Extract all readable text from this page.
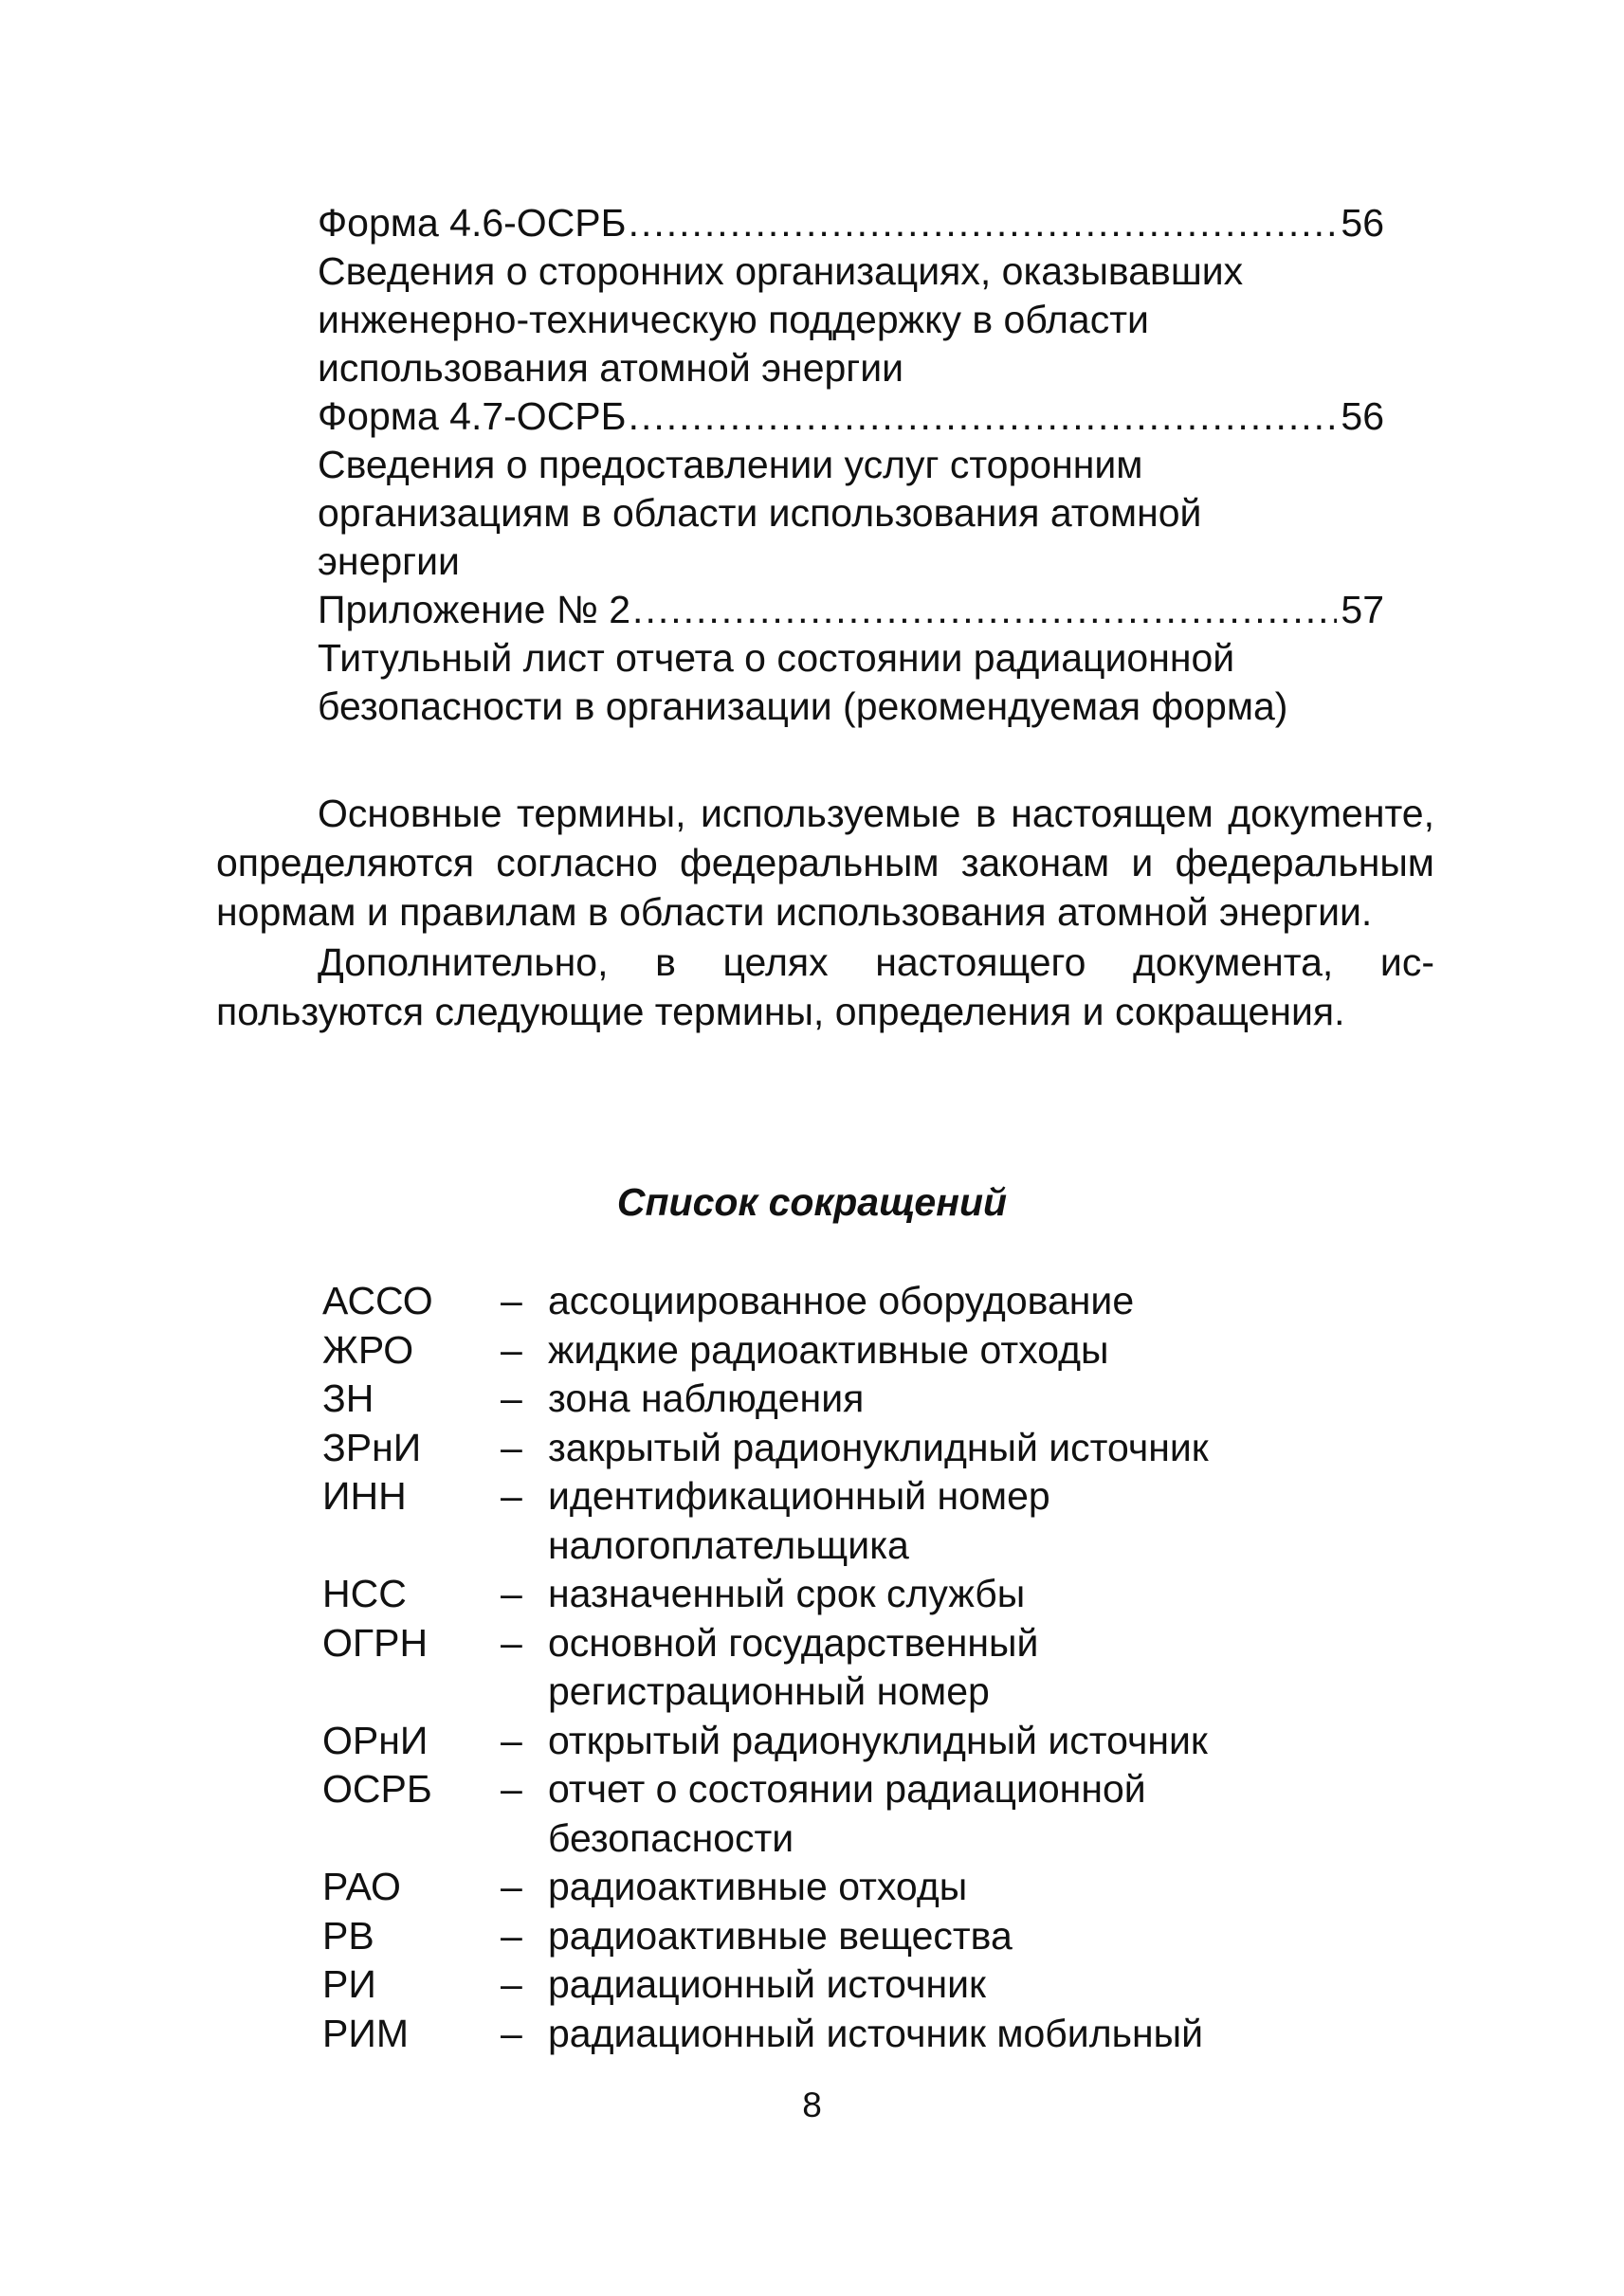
Форма 4.6-ОСРБ .....	56

Сведения о сторонних организациях, оказывавших инженерно-техническую поддержку в области использования атомной энергии

Форма 4.7-ОСРБ .....	56

Сведения о предоставлении услуг сторонним организациям в области использования атомной энергии

Приложение № 2 .....	57

Титульный лист отчета о состоянии радиационной безопасности в организации (рекомендуемая форма)

Основные термины, используемые в настоящем докуmенте, определяются согласно федеральным законам и федеральным нормам и правилам в области использования атомной энергии.

Дополнительно, в целях настоящего документа, используются следующие термины, определения и сокращения.

Список сокращений
АССО	– ассоциированное оборудование
ЖРО	– жидкие радиоактивные отходы
ЗН	– зона наблюдения
ЗРнИ	– закрытый радионуклидный источник
ИНН	– идентификационный номер налогоплательщика
НСС	– назначенный срок службы
ОГРН	– основной государственный регистрационный номер
ОРнИ	– открытый радионуклидный источник
ОСРБ	– отчет о состоянии радиационной безопасности
РАО	– радиоактивные отходы
РВ	– радиоактивные вещества
РИ	– радиационный источник
РИМ	– радиационный источник мобильный
8
